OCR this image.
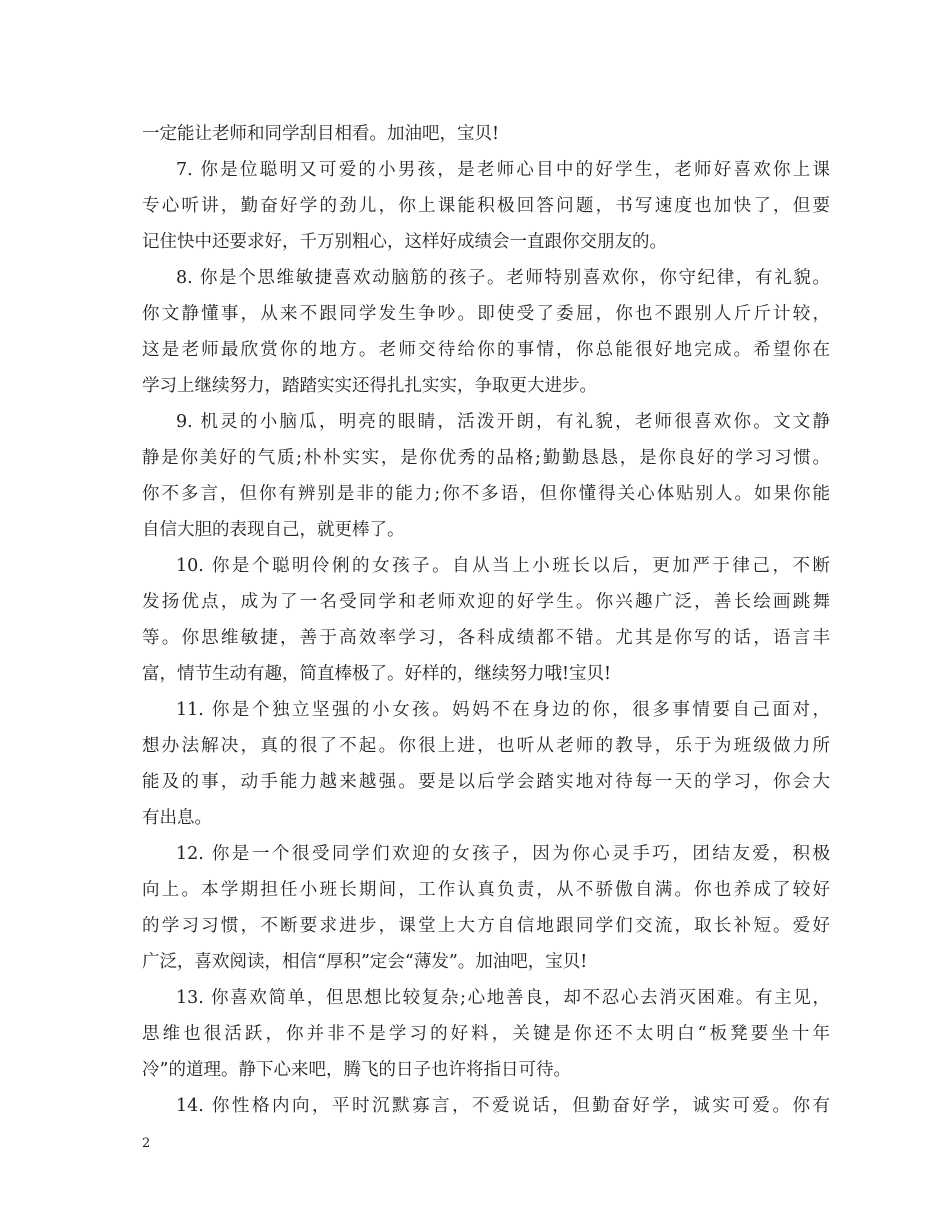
一定能让老师和同学刮目相看。加油吧，宝贝!
7. 你是位聪明又可爱的小男孩，是老师心目中的好学生，老师好喜欢你上课
专心听讲，勤奋好学的劲儿，你上课能积极回答问题，书写速度也加快了，但要
记住快中还要求好，千万别粗心，这样好成绩会一直跟你交朋友的。
8. 你是个思维敏捷喜欢动脑筋的孩子。老师特别喜欢你，你守纪律，有礼貌。
你文静懂事，从来不跟同学发生争吵。即使受了委屈，你也不跟别人斤斤计较，
这是老师最欣赏你的地方。老师交待给你的事情，你总能很好地完成。希望你在
学习上继续努力，踏踏实实还得扎扎实实，争取更大进步。
9. 机灵的小脑瓜，明亮的眼睛，活泼开朗，有礼貌，老师很喜欢你。文文静
静是你美好的气质;朴朴实实，是你优秀的品格;勤勤恳恳，是你良好的学习习惯。
你不多言，但你有辨别是非的能力;你不多语，但你懂得关心体贴别人。如果你能
自信大胆的表现自己，就更棒了。
10. 你是个聪明伶俐的女孩子。自从当上小班长以后，更加严于律己，不断
发扬优点，成为了一名受同学和老师欢迎的好学生。你兴趣广泛，善长绘画跳舞
等。你思维敏捷，善于高效率学习，各科成绩都不错。尤其是你写的话，语言丰
富，情节生动有趣，简直棒极了。好样的，继续努力哦!宝贝!
11. 你是个独立坚强的小女孩。妈妈不在身边的你，很多事情要自己面对，
想办法解决，真的很了不起。你很上进，也听从老师的教导，乐于为班级做力所
能及的事，动手能力越来越强。要是以后学会踏实地对待每一天的学习，你会大
有出息。
12. 你是一个很受同学们欢迎的女孩子，因为你心灵手巧，团结友爱，积极
向上。本学期担任小班长期间，工作认真负责，从不骄傲自满。你也养成了较好
的学习习惯，不断要求进步，课堂上大方自信地跟同学们交流，取长补短。爱好
广泛，喜欢阅读，相信“厚积”定会“薄发”。加油吧，宝贝!
13. 你喜欢简单，但思想比较复杂;心地善良，却不忍心去消灭困难。有主见，
思维也很活跃，你并非不是学习的好料，关键是你还不太明白“板凳要坐十年
冷”的道理。静下心来吧，腾飞的日子也许将指日可待。
14. 你性格内向，平时沉默寡言，不爱说话，但勤奋好学，诚实可爱。你有
2
